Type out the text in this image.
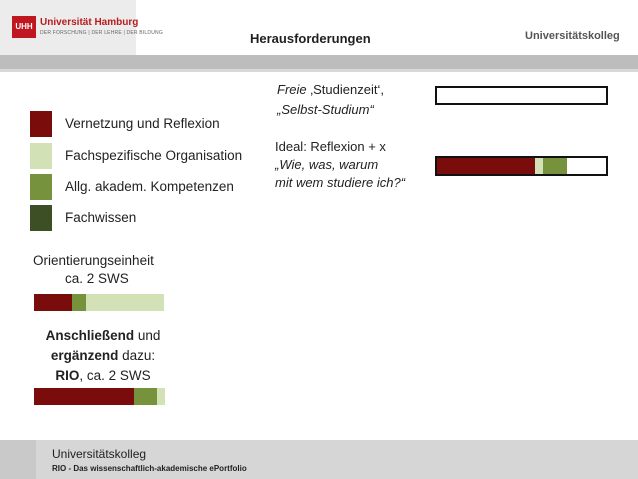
UHH Universität Hamburg
DER FORSCHUNG | DER LEHRE | DER BILDUNG	Herausforderungen	Universitätskolleg
Vernetzung und Reflexion
Fachspezifische Organisation
Allg. akadem. Kompetenzen
Fachwissen
Orientierungseinheit
ca. 2 SWS
Anschließend und
ergänzend dazu:
RIO, ca. 2 SWS
Freie ‚Studienzeit‘,
„Selbst-Studium“
Ideal: Reflexion + x
„Wie, was, warum
mit wem studiere ich?“
Universitätskolleg
RIO - Das wissenschaftlich-akademische ePortfolio
